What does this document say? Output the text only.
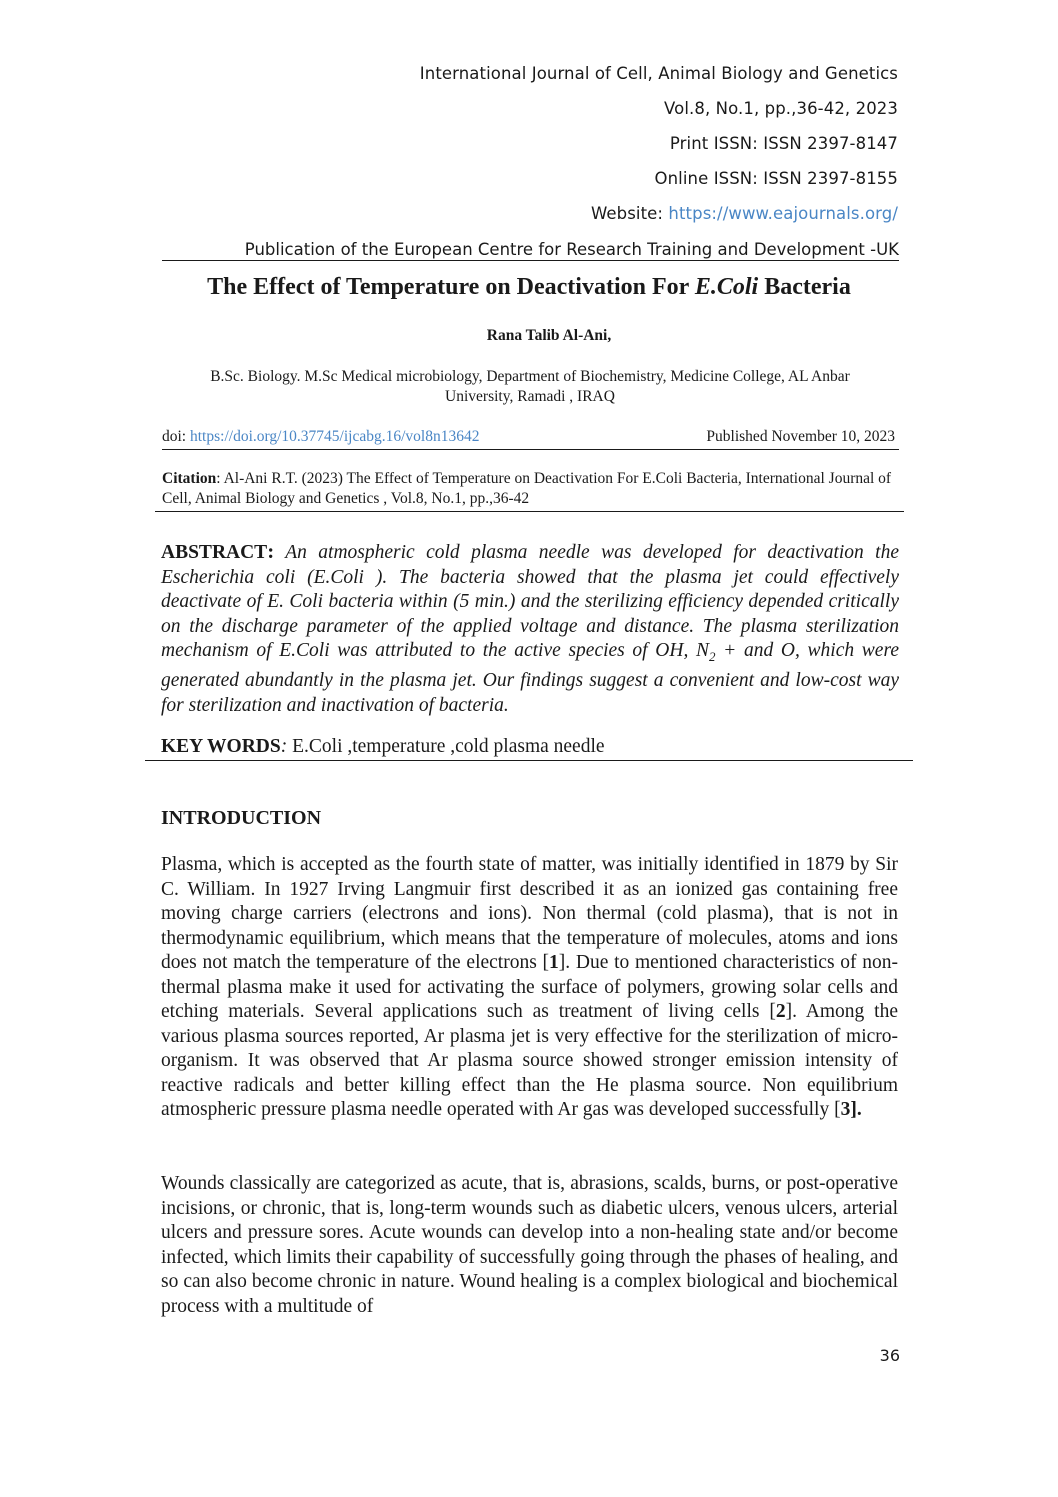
International Journal of Cell, Animal Biology and Genetics
Vol.8, No.1, pp.,36-42, 2023
Print ISSN: ISSN 2397-8147
Online ISSN: ISSN 2397-8155
Website: https://www.eajournals.org/
Publication of the European Centre for Research Training and Development -UK
The Effect of Temperature on Deactivation For E.Coli Bacteria
Rana Talib Al-Ani,
B.Sc. Biology. M.Sc Medical microbiology, Department of Biochemistry, Medicine College, AL Anbar University, Ramadi , IRAQ
doi: https://doi.org/10.37745/ijcabg.16/vol8n13642	Published November 10, 2023
Citation: Al-Ani R.T. (2023) The Effect of Temperature on Deactivation For E.Coli Bacteria, International Journal of Cell, Animal Biology and Genetics , Vol.8, No.1, pp.,36-42
ABSTRACT: An atmospheric cold plasma needle was developed for deactivation the Escherichia coli (E.Coli ). The bacteria showed that the plasma jet could effectively deactivate of E. Coli bacteria within (5 min.) and the sterilizing efficiency depended critically on the discharge parameter of the applied voltage and distance. The plasma sterilization mechanism of E.Coli was attributed to the active species of OH, $N_2$ + and O, which were generated abundantly in the plasma jet. Our findings suggest a convenient and low-cost way for sterilization and inactivation of bacteria.
KEY WORDS: E.Coli ,temperature ,cold plasma needle
INTRODUCTION
Plasma, which is accepted as the fourth state of matter, was initially identified in 1879 by Sir C. William. In 1927 Irving Langmuir first described it as an ionized gas containing free moving charge carriers (electrons and ions). Non thermal (cold plasma), that is not in thermodynamic equilibrium, which means that the temperature of molecules, atoms and ions does not match the temperature of the electrons [1]. Due to mentioned characteristics of non-thermal plasma make it used for activating the surface of polymers, growing solar cells and etching materials. Several applications such as treatment of living cells [2]. Among the various plasma sources reported, Ar plasma jet is very effective for the sterilization of micro-organism. It was observed that Ar plasma source showed stronger emission intensity of reactive radicals and better killing effect than the He plasma source. Non equilibrium atmospheric pressure plasma needle operated with Ar gas was developed successfully [3].
Wounds classically are categorized as acute, that is, abrasions, scalds, burns, or post-operative incisions, or chronic, that is, long-term wounds such as diabetic ulcers, venous ulcers, arterial ulcers and pressure sores. Acute wounds can develop into a non-healing state and/or become infected, which limits their capability of successfully going through the phases of healing, and so can also become chronic in nature. Wound healing is a complex biological and biochemical process with a multitude of
36
